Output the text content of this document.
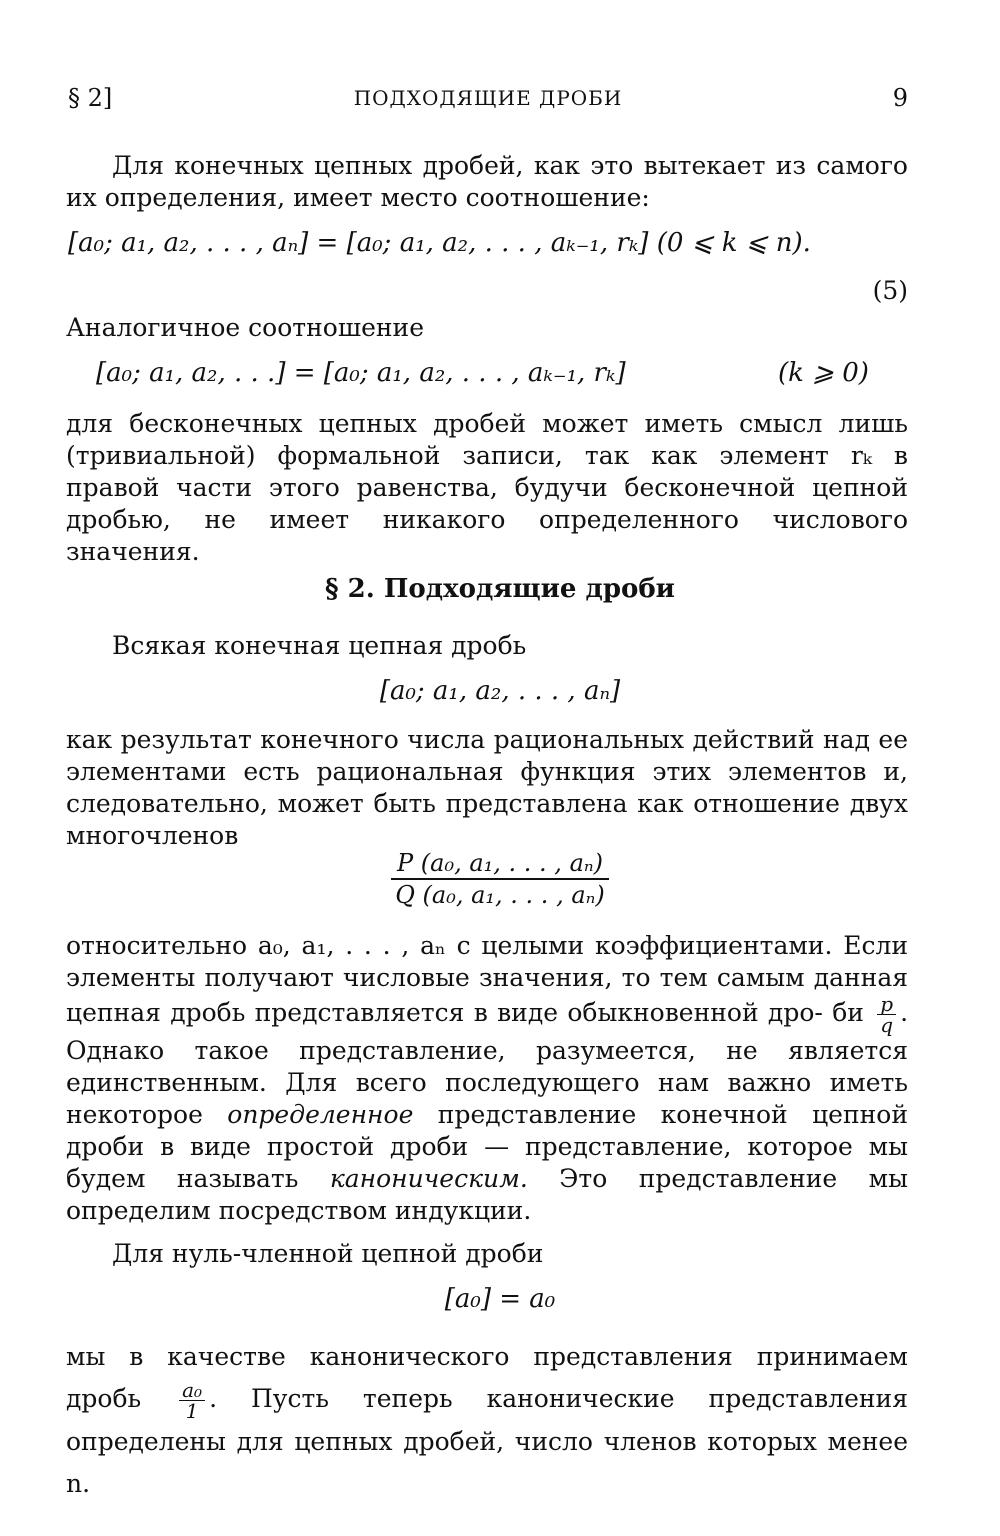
§ 2]	ПОДХОДЯЩИЕ ДРОБИ	9

Для конечных цепных дробей, как это вытекает из самого их определения, имеет место соотношение:

[a₀; a₁, a₂, . . . , aₙ] = [a₀; a₁, a₂, . . . , aₖ₋₁, rₖ] (0 ⩽ k ⩽ n).
(5)

Аналогичное соотношение

[a₀; a₁, a₂, . . .] = [a₀; a₁, a₂, . . . , aₖ₋₁, rₖ]	(k ⩾ 0)

для бесконечных цепных дробей может иметь смысл лишь (тривиальной) формальной записи, так как элемент rₖ в правой части этого равенства, будучи бесконечной цепной дробью, не имеет никакого определенного числового значения.

§ 2. Подходящие дроби

Всякая конечная цепная дробь

[a₀; a₁, a₂, . . . , aₙ]

как результат конечного числа рациональных действий над ее элементами есть рациональная функция этих элементов и, следовательно, может быть представлена как отношение двух многочленов

$\frac{\text{P (a₀, a₁, . . . , aₙ)}}{\text{Q (a₀, a₁, . . . , aₙ)}}$

относительно a₀, a₁, . . . , aₙ с целыми коэффициентами. Если элементы получают числовые значения, то тем самым данная цепная дробь представляется в виде обыкновенной дро- би $\frac{p}{q}$ . Однако такое представление, разумеется, не является единственным. Для всего последующего нам важно иметь некоторое определенное представление конечной цепной дроби в виде простой дроби — представление, которое мы будем называть каноническим. Это представление мы определим посредством индукции.

Для нуль-членной цепной дроби

[a₀] = a₀

мы в качестве канонического представления принимаем дробь $\frac{\text{a₀}}{1}$ . Пусть теперь канонические представления определены для цепных дробей, число членов которых менее n.
